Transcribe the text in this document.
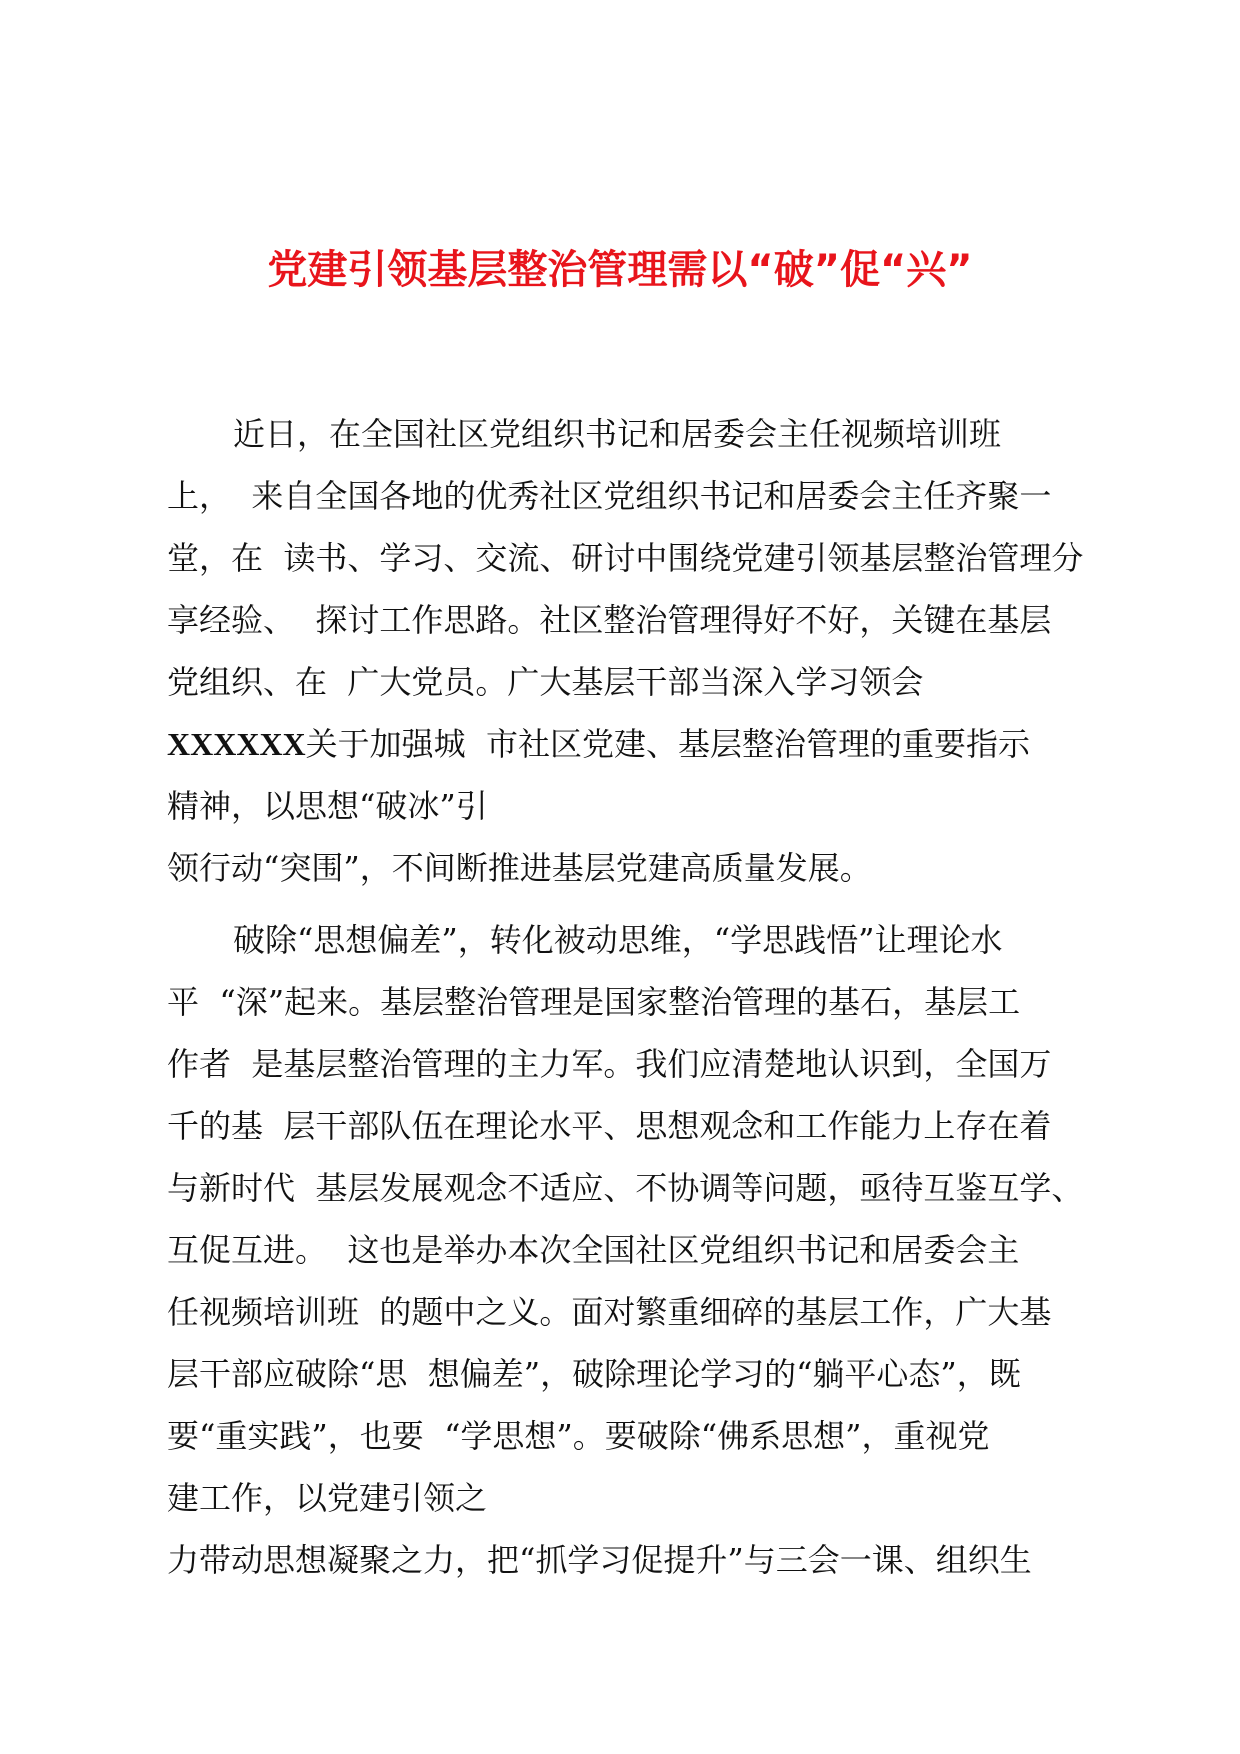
党建引领基层整治管理需以“破”促“兴”
近日，在全国社区党组织书记和居委会主任视频培训班
上，  来自全国各地的优秀社区党组织书记和居委会主任齐聚一
堂，在  读书、学习、交流、研讨中围绕党建引领基层整治管理分
享经验、  探讨工作思路。社区整治管理得好不好，关键在基层
党组织、在  广大党员。广大基层干部当深入学习领会
XXXXXX关于加强城  市社区党建、基层整治管理的重要指示
精神，以思想“破冰”引
领行动“突围”，不间断推进基层党建高质量发展。
破除“思想偏差”，转化被动思维，“学思践悟”让理论水
平  “深”起来。基层整治管理是国家整治管理的基石，基层工
作者  是基层整治管理的主力军。我们应清楚地认识到，全国万
千的基  层干部队伍在理论水平、思想观念和工作能力上存在着
与新时代  基层发展观念不适应、不协调等问题，亟待互鉴互学、
互促互进。  这也是举办本次全国社区党组织书记和居委会主
任视频培训班  的题中之义。面对繁重细碎的基层工作，广大基
层干部应破除“思  想偏差”，破除理论学习的“躺平心态”，既
要“重实践”，也要  “学思想”。要破除“佛系思想”，重视党
建工作，以党建引领之
力带动思想凝聚之力，把“抓学习促提升”与三会一课、组织生
